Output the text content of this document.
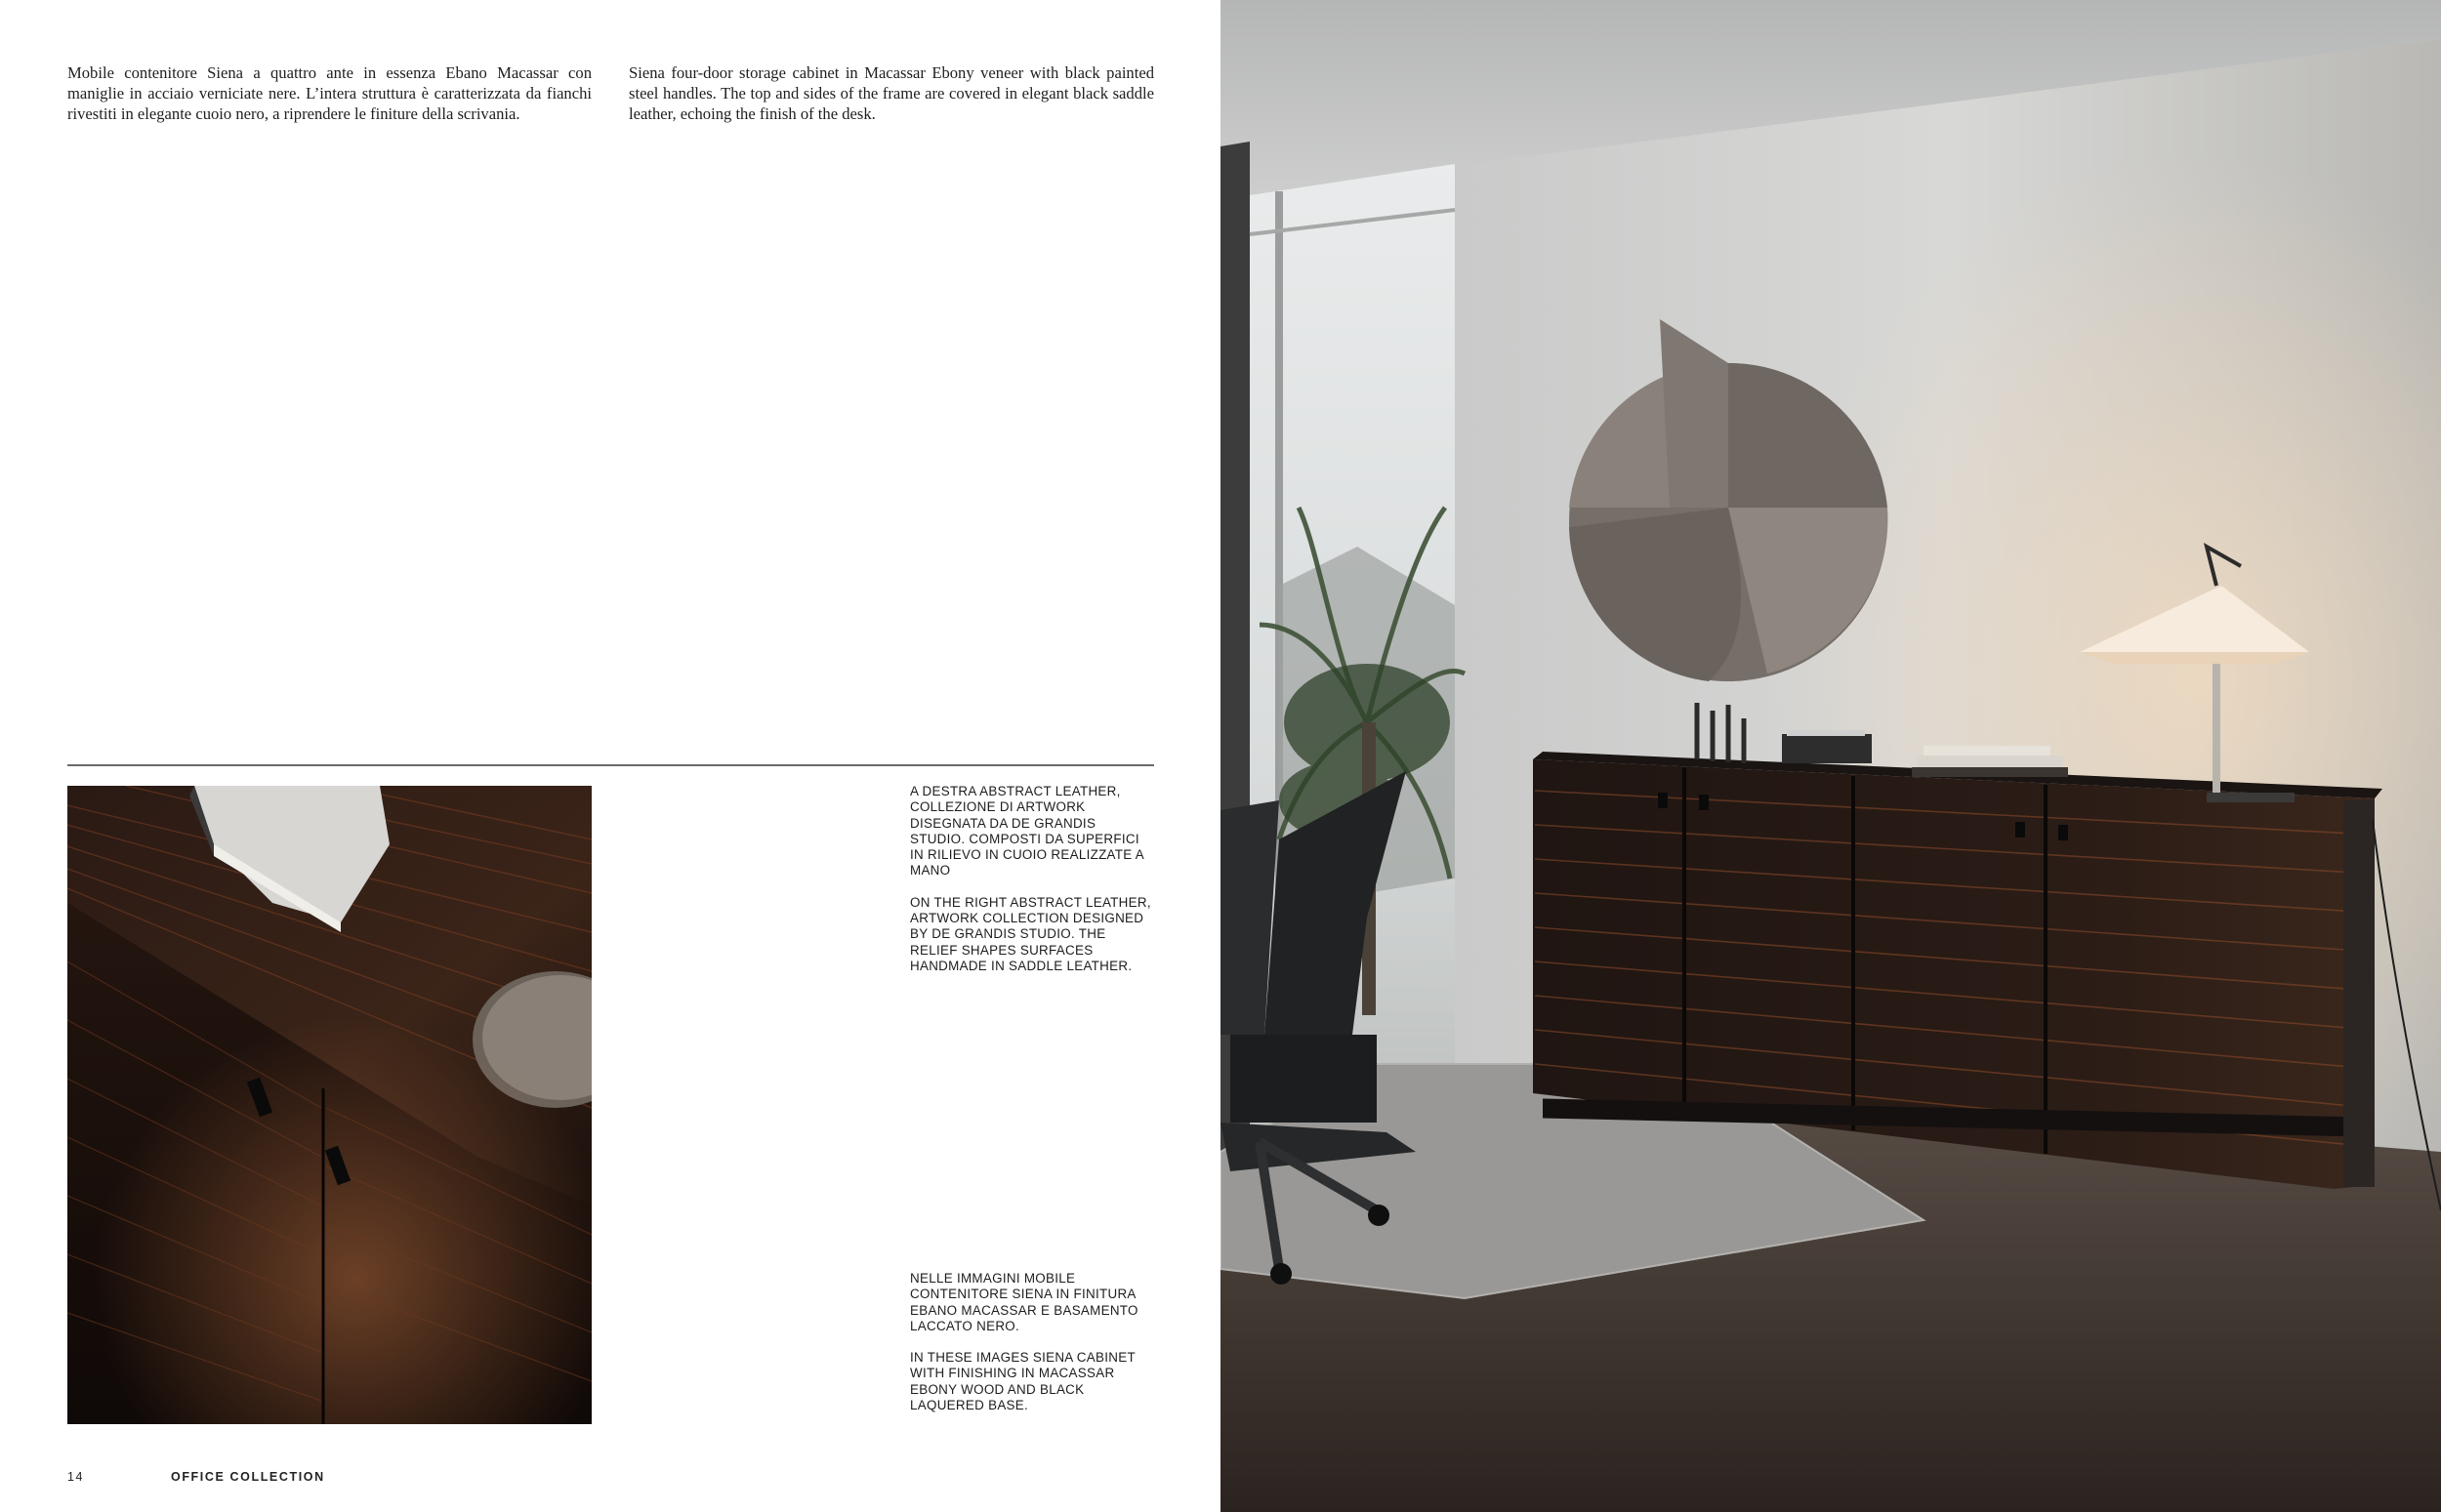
Mobile contenitore Siena a quattro ante in essenza Ebano Macassar con maniglie in acciaio verniciate nere. L’intera struttura è caratterizzata da fianchi rivestiti in elegante cuoio nero, a riprendere le finiture della scrivania.
Siena four-door storage cabinet in Macassar Ebony veneer with black painted steel handles. The top and sides of the frame are covered in elegant black saddle leather, echoing the finish of the desk.

A DESTRA ABSTRACT LEATHER, COLLEZIONE DI ARTWORK DISEGNATA DA DE GRANDIS STUDIO. COMPOSTI DA SUPERFICI IN RILIEVO IN CUOIO REALIZZATE A MANO

ON THE RIGHT ABSTRACT LEATHER, ARTWORK COLLECTION DESIGNED BY DE GRANDIS STUDIO. THE RELIEF SHAPES SURFACES HANDMADE IN SADDLE LEATHER.

NELLE IMMAGINI MOBILE CONTENITORE SIENA IN FINITURA EBANO MACASSAR E BASAMENTO LACCATO NERO.

IN THESE IMAGES SIENA CABINET WITH FINISHING IN MACASSAR EBONY WOOD AND BLACK LAQUERED BASE.

14	OFFICE COLLECTION
